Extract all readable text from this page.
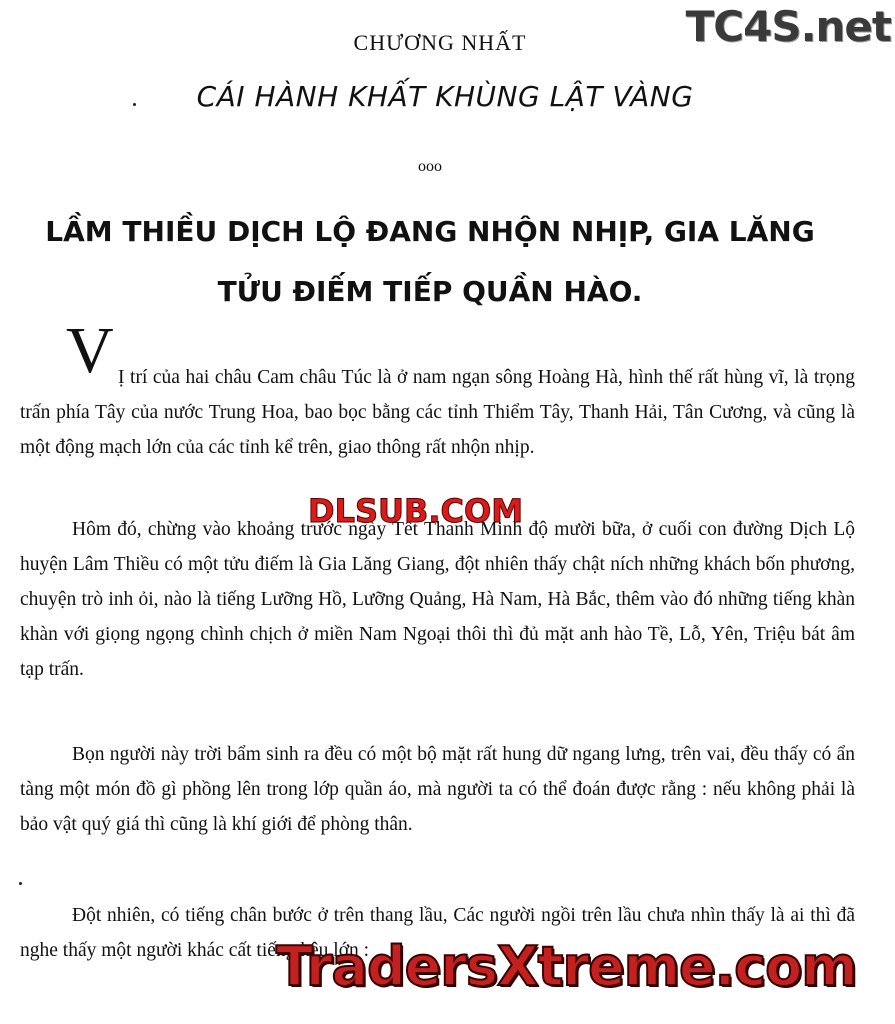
CHƯƠNG NHẤT
CÁI HÀNH KHẤT KHÙNG LẬT VÀNG
ooo
LẦM THIỀU DỊCH LỘ ĐANG NHỘN NHỊP, GIA LĂNG
TỬU ĐIẾM TIẾP QUẦN HÀO.
V Ị trí của hai châu Cam châu Túc là ở nam ngạn sông Hoàng Hà, hình thế rất hùng vĩ, là trọng trấn phía Tây của nước Trung Hoa, bao bọc bằng các tỉnh Thiểm Tây, Thanh Hải, Tân Cương, và cũng là một động mạch lớn của các tỉnh kể trên, giao thông rất nhộn nhịp.
Hôm đó, chừng vào khoảng trước ngày Tết Thanh Minh độ mười bữa, ở cuối con đường Dịch Lộ huyện Lâm Thiều có một tửu điếm là Gia Lăng Giang, đột nhiên thấy chật ních những khách bốn phương, chuyện trò inh ỏi, nào là tiếng Lưỡng Hồ, Lưỡng Quảng, Hà Nam, Hà Bắc, thêm vào đó những tiếng khàn khàn với giọng ngọng chình chịch ở miền Nam Ngoại thôi thì đủ mặt anh hào Tề, Lỗ, Yên, Triệu bát âm tạp trấn.
Bọn người này trời bẩm sinh ra đều có một bộ mặt rất hung dữ ngang lưng, trên vai, đều thấy có ẩn tàng một món đồ gì phồng lên trong lớp quần áo, mà người ta có thể đoán được rằng : nếu không phải là bảo vật quý giá thì cũng là khí giới để phòng thân.
Đột nhiên, có tiếng chân bước ở trên thang lầu, Các người ngồi trên lầu chưa nhìn thấy là ai thì đã nghe thấy một người khác cất tiếng kêu lớn :
TC4S.net
DLSUB.COM
TradersXtreme.com
